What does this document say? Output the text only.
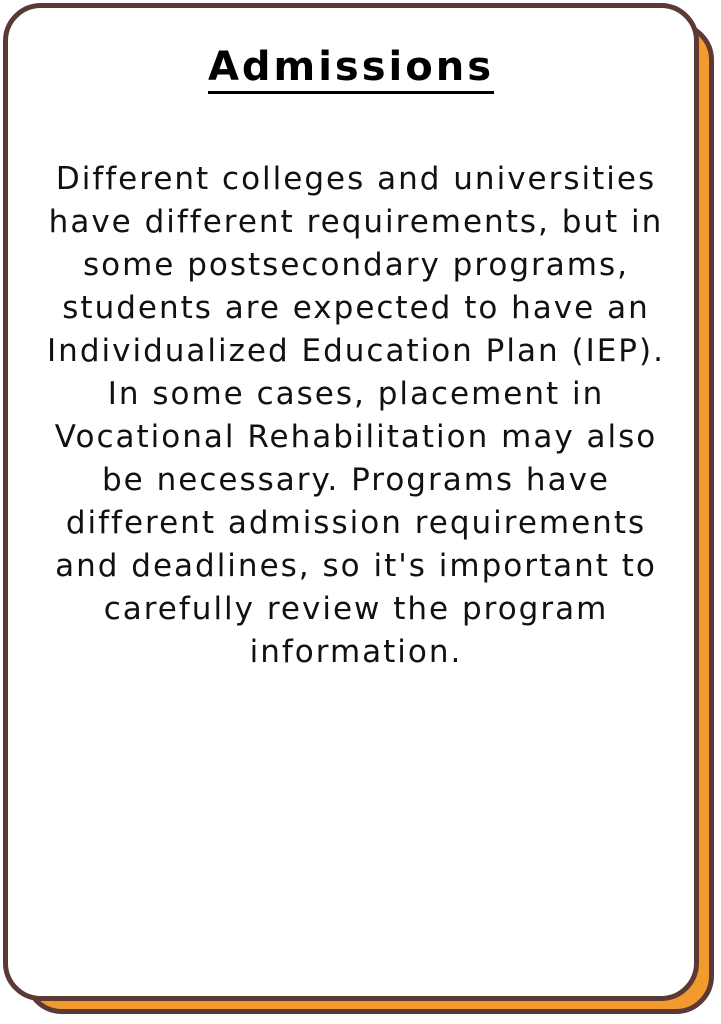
Admissions
Different colleges and universities have different requirements, but in some postsecondary programs, students are expected to have an Individualized Education Plan (IEP). In some cases, placement in Vocational Rehabilitation may also be necessary. Programs have different admission requirements and deadlines, so it's important to carefully review the program information.
